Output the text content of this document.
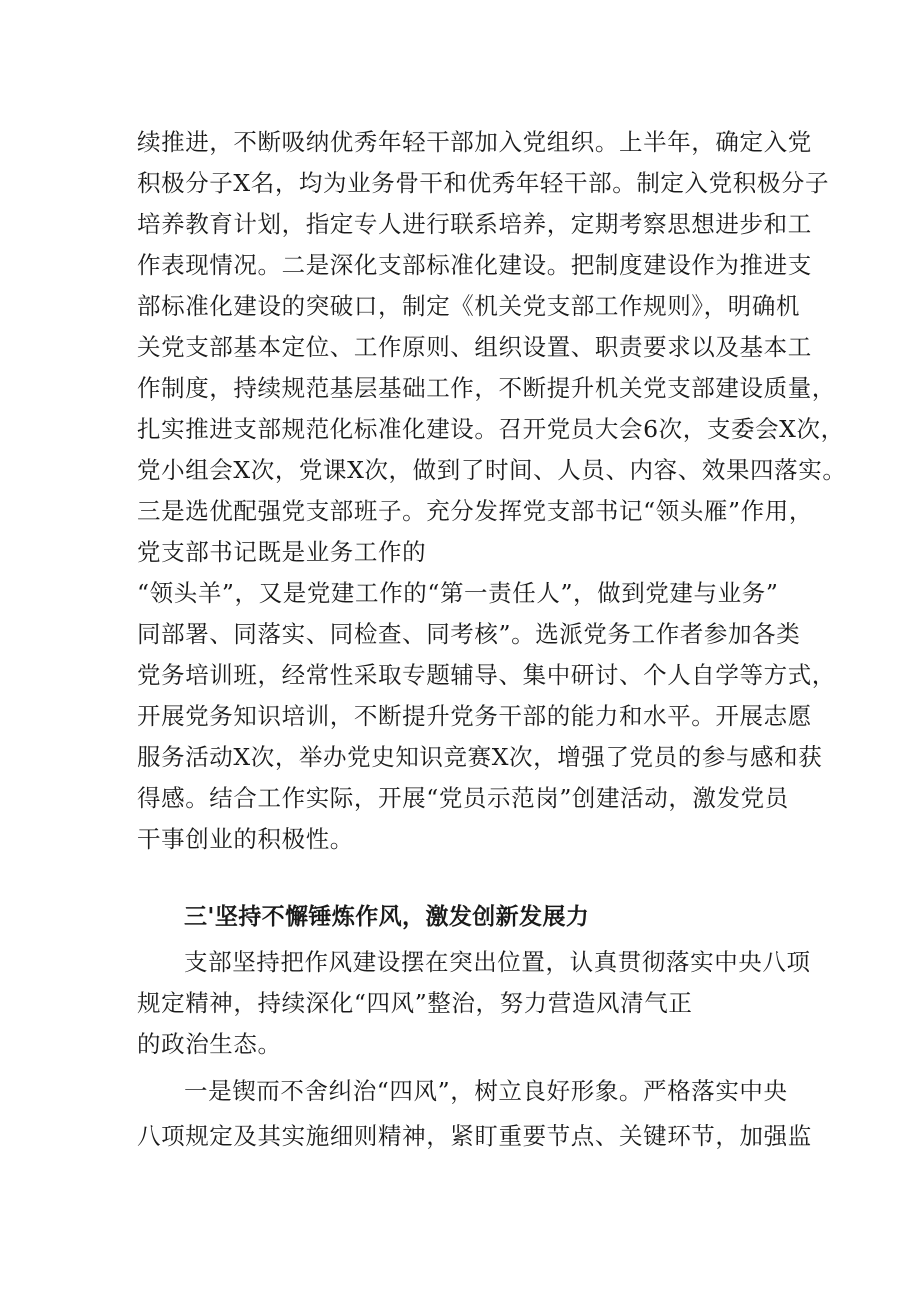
续推进，不断吸纳优秀年轻干部加入党组织。上半年，确定入党
积极分子X名，均为业务骨干和优秀年轻干部。制定入党积极分子
培养教育计划，指定专人进行联系培养，定期考察思想进步和工
作表现情况。二是深化支部标准化建设。把制度建设作为推进支
部标准化建设的突破口，制定《机关党支部工作规则》，明确机
关党支部基本定位、工作原则、组织设置、职责要求以及基本工
作制度，持续规范基层基础工作，不断提升机关党支部建设质量，
扎实推进支部规范化标准化建设。召开党员大会6次，支委会X次，
党小组会X次，党课X次，做到了时间、人员、内容、效果四落实。
三是选优配强党支部班子。充分发挥党支部书记“领头雁”作用，
党支部书记既是业务工作的
“领头羊”，又是党建工作的“第一责任人”，做到党建与业务”
同部署、同落实、同检查、同考核”。选派党务工作者参加各类
党务培训班，经常性采取专题辅导、集中研讨、个人自学等方式，
开展党务知识培训，不断提升党务干部的能力和水平。开展志愿
服务活动X次，举办党史知识竞赛X次，增强了党员的参与感和获
得感。结合工作实际，开展“党员示范岗”创建活动，激发党员
干事创业的积极性。
三'坚持不懈锤炼作风，激发创新发展力
支部坚持把作风建设摆在突出位置，认真贯彻落实中央八项
规定精神，持续深化“四风”整治，努力营造风清气正
的政治生态。
一是锲而不舍纠治“四风”，树立良好形象。严格落实中央
八项规定及其实施细则精神，紧盯重要节点、关键环节，加强监
